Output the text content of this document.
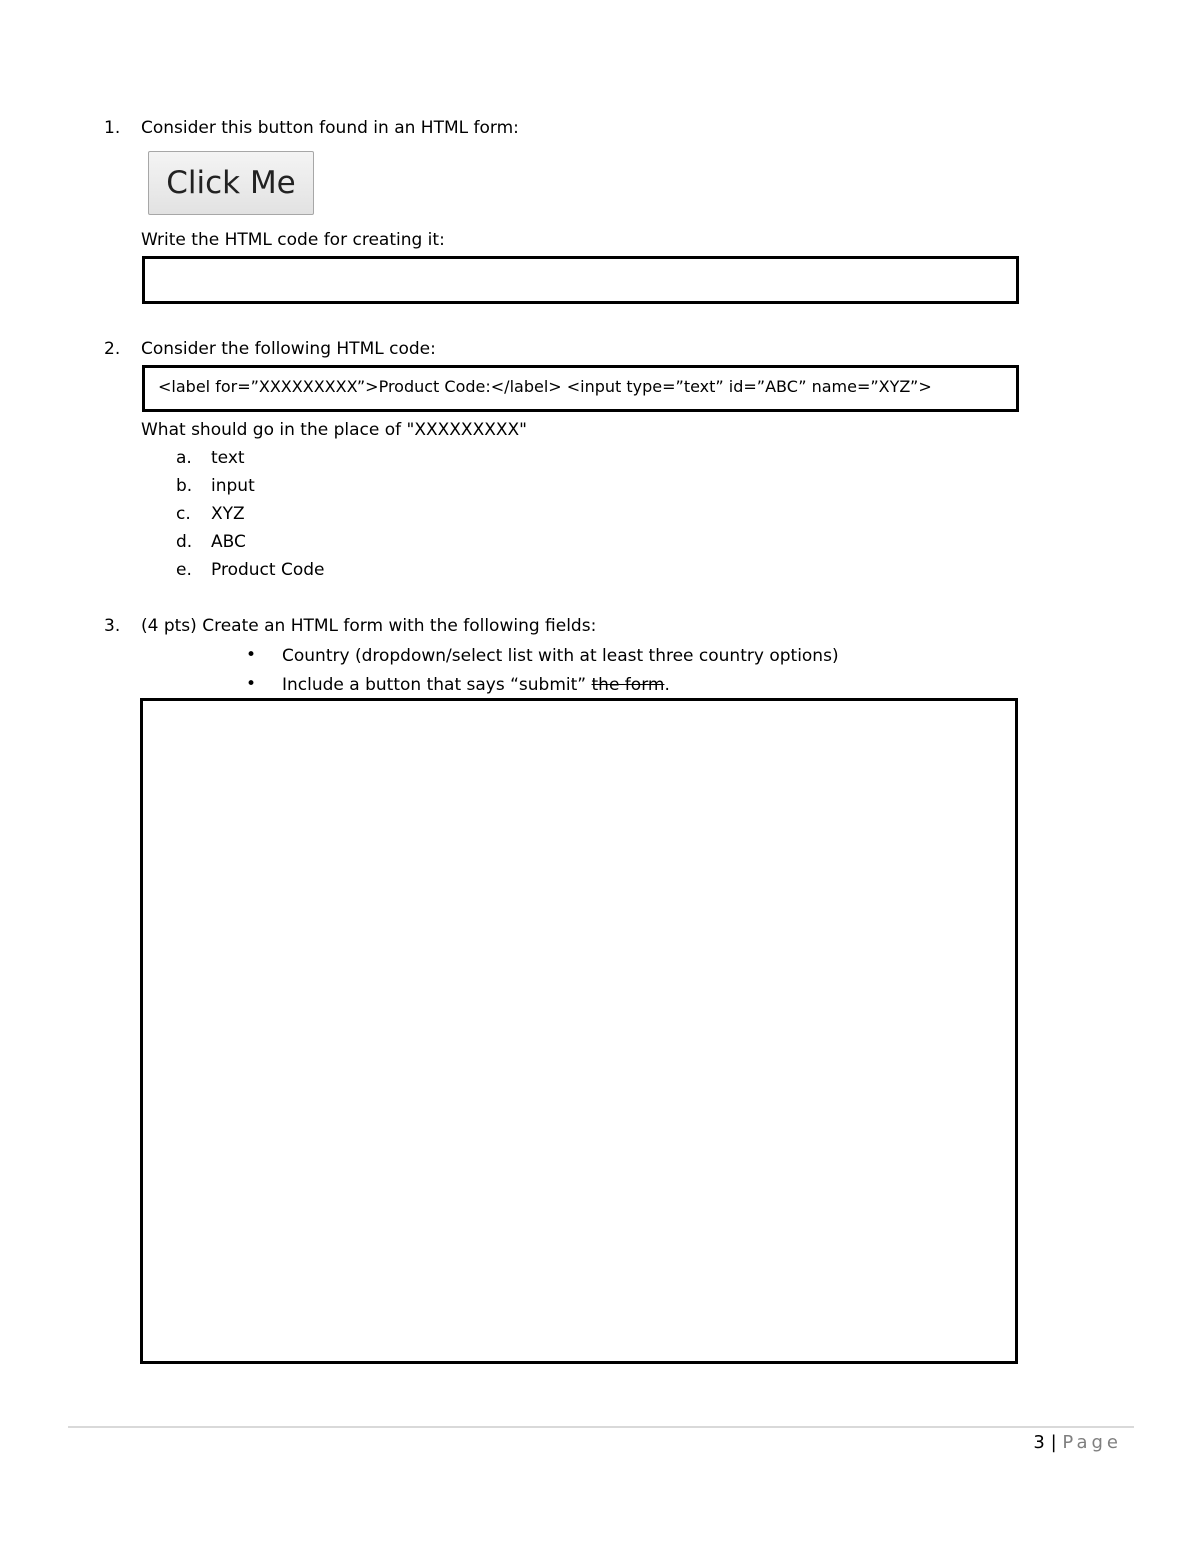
1. Consider this button found in an HTML form:
Click Me
Write the HTML code for creating it:
2. Consider the following HTML code:
<label for=”XXXXXXXXX”>Product Code:</label> <input type=”text” id=”ABC” name=”XYZ”>
What should go in the place of "XXXXXXXXX"
a. text
b. input
c. XYZ
d. ABC
e. Product Code
3. (4 pts) Create an HTML form with the following fields:
• Country (dropdown/select list with at least three country options)
• Include a button that says “submit” the form.
3 | Page
